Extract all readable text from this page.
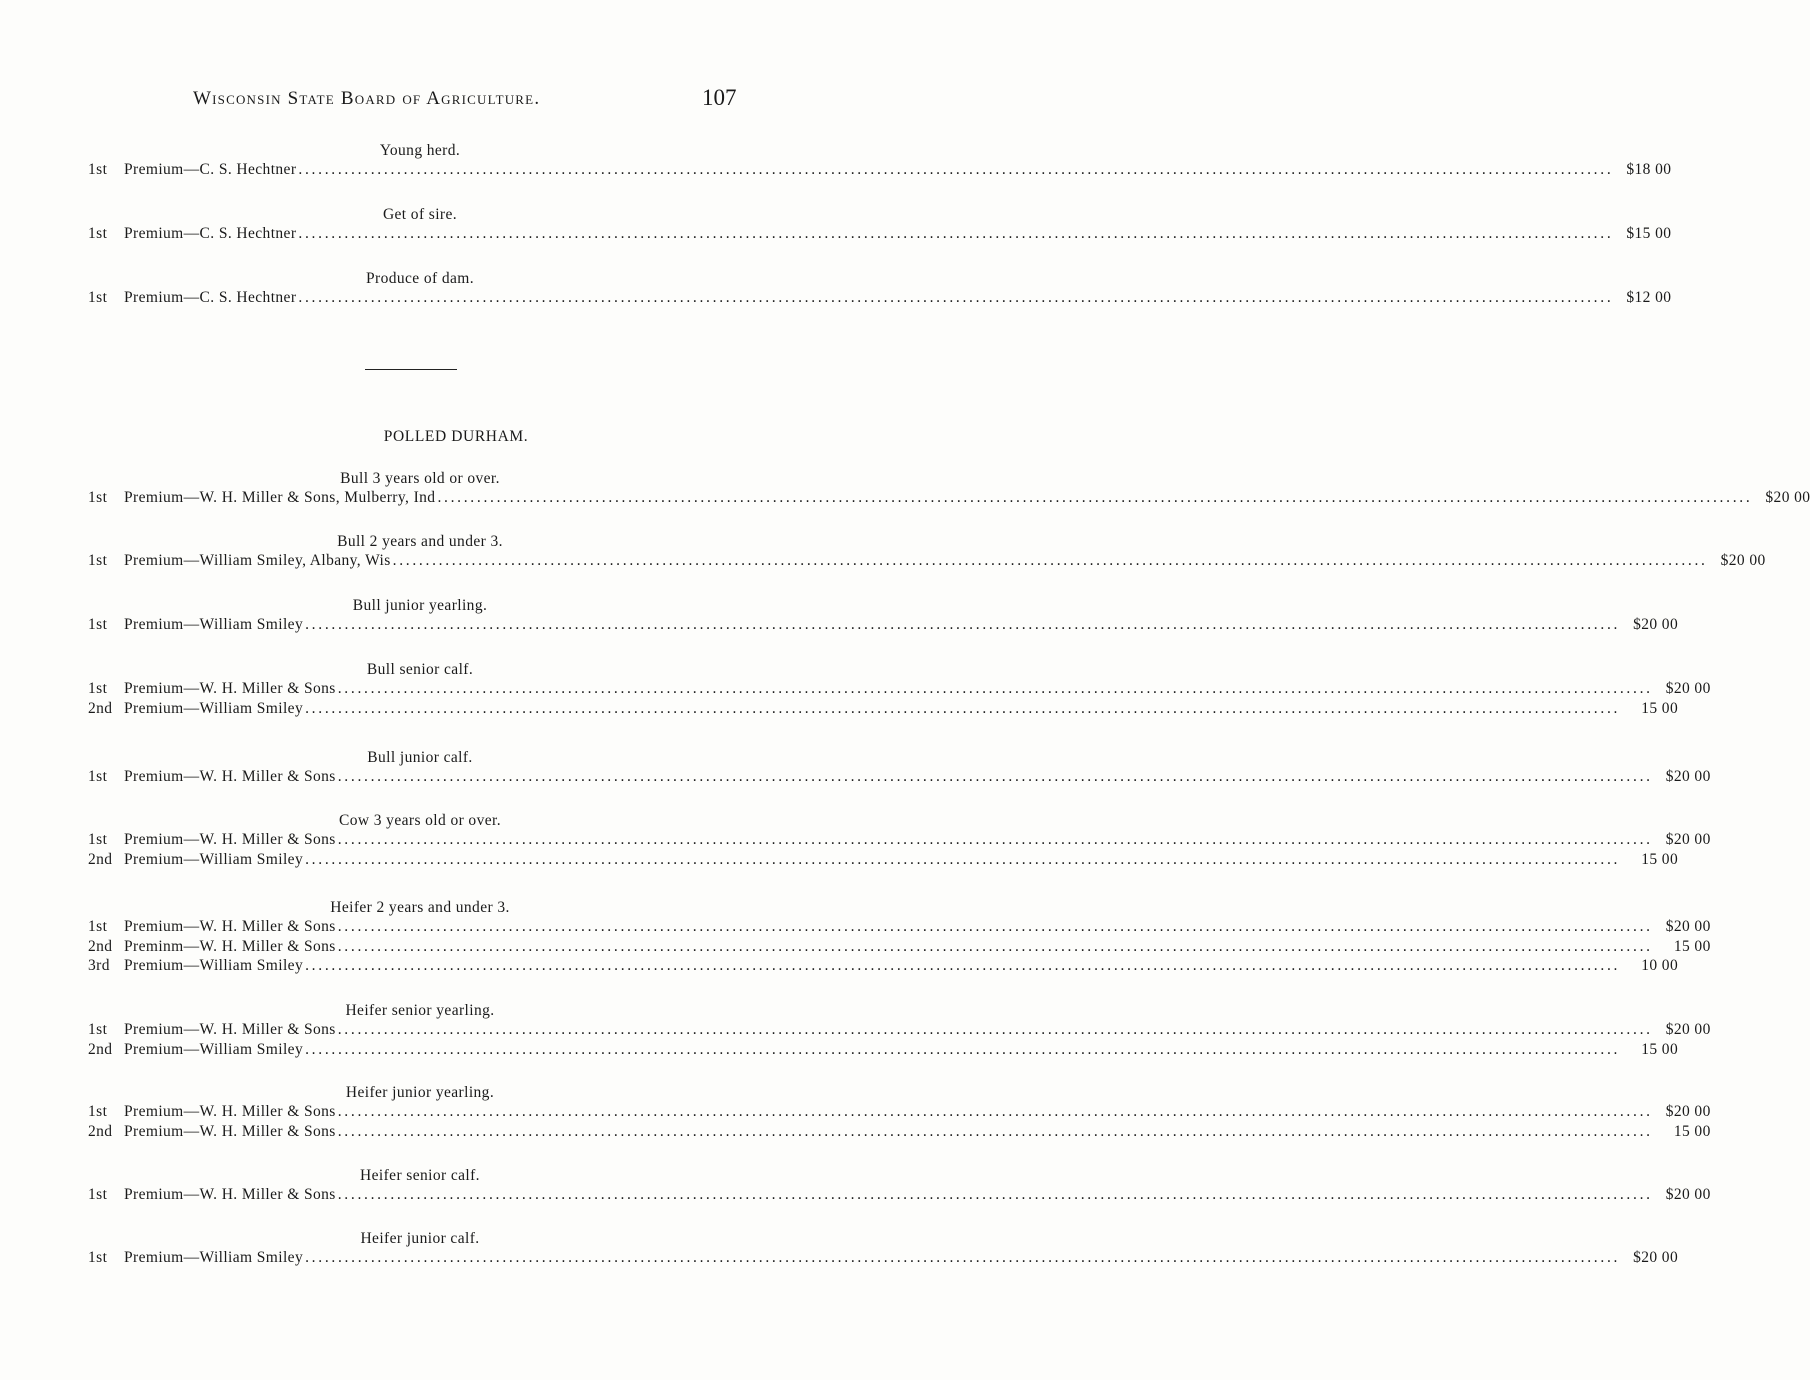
Wisconsin State Board of Agriculture.	107
Young herd.
1st	Premium—C. S. Hechtner ........................................................................................................................................................................................................ $18 00
Get of sire.
1st	Premium—C. S. Hechtner ........................................................................................................................................................................................................ $15 00
Produce of dam.
1st	Premium—C. S. Hechtner ........................................................................................................................................................................................................ $12 00
POLLED DURHAM.
Bull 3 years old or over.
1st	Premium—W. H. Miller & Sons, Mulberry, Ind ........................................................................................................................................................................................................ $20 00
Bull 2 years and under 3.
1st	Premium—William Smiley, Albany, Wis ........................................................................................................................................................................................................ $20 00
Bull junior yearling.
1st	Premium—William Smiley ........................................................................................................................................................................................................ $20 00
Bull senior calf.
1st	Premium—W. H. Miller & Sons ........................................................................................................................................................................................................ $20 00
2nd Premium—William Smiley ........................................................................................................................................................................................................	15 00
Bull junior calf.
1st	Premium—W. H. Miller & Sons ........................................................................................................................................................................................................ $20 00
Cow 3 years old or over.
1st	Premium—W. H. Miller & Sons ........................................................................................................................................................................................................ $20 00
2nd Premium—William Smiley ........................................................................................................................................................................................................	15 00
Heifer 2 years and under 3.
1st	Premium—W. H. Miller & Sons ........................................................................................................................................................................................................ $20 00
2nd Preminm—W. H. Miller & Sons ........................................................................................................................................................................................................	15 00
3rd Premium—William Smiley ........................................................................................................................................................................................................	10 00
Heifer senior yearling.
1st	Premium—W. H. Miller & Sons ........................................................................................................................................................................................................ $20 00
2nd Premium—William Smiley ........................................................................................................................................................................................................	15 00
Heifer junior yearling.
1st	Premium—W. H. Miller & Sons ........................................................................................................................................................................................................ $20 00
2nd Premium—W. H. Miller & Sons ........................................................................................................................................................................................................	15 00
Heifer senior calf.
1st	Premium—W. H. Miller & Sons ........................................................................................................................................................................................................ $20 00
Heifer junior calf.
1st	Premium—William Smiley ........................................................................................................................................................................................................ $20 00
